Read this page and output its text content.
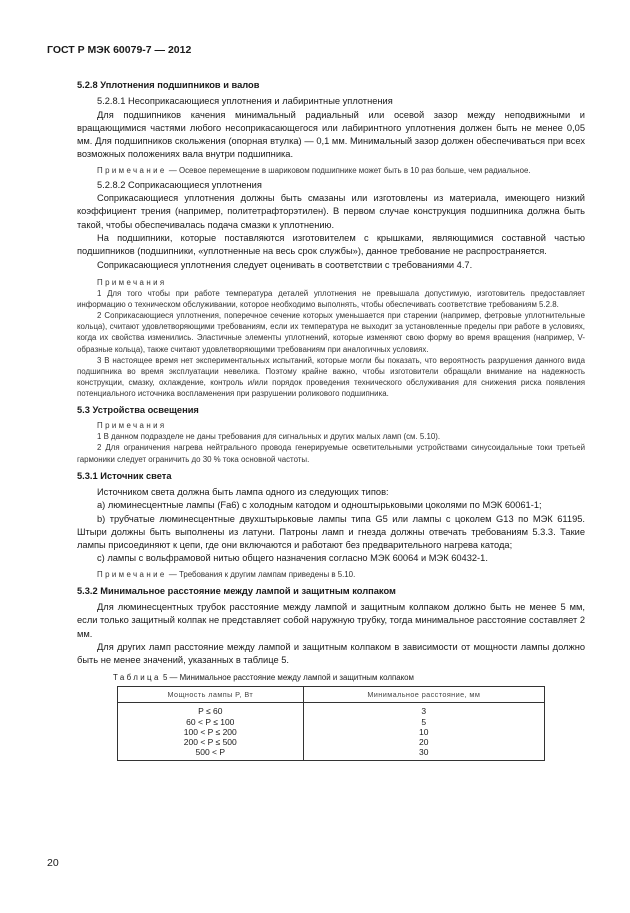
ГОСТ Р МЭК 60079-7 — 2012

5.2.8 Уплотнения подшипников и валов

5.2.8.1 Несоприкасающиеся уплотнения и лабиринтные уплотнения

Для подшипников качения минимальный радиальный или осевой зазор между неподвижными и вращающимися частями любого несоприкасающегося или лабиринтного уплотнения должен быть не менее 0,05 мм. Для подшипников скольжения (опорная втулка) — 0,1 мм. Минимальный зазор должен обеспечиваться при всех возможных положениях вала внутри подшипника.

Примечание — Осевое перемещение в шариковом подшипнике может быть в 10 раз больше, чем радиальное.

5.2.8.2 Соприкасающиеся уплотнения

Соприкасающиеся уплотнения должны быть смазаны или изготовлены из материала, имеющего низкий коэффициент трения (например, политетрафторэтилен). В первом случае конструкция подшипника должна быть такой, чтобы обеспечивалась подача смазки к уплотнению.

На подшипники, которые поставляются изготовителем с крышками, являющимися составной частью подшипников (подшипники, «уплотненные на весь срок службы»), данное требование не распространяется.

Соприкасающиеся уплотнения следует оценивать в соответствии с требованиями 4.7.

Примечания

1 Для того чтобы при работе температура деталей уплотнения не превышала допустимую, изготовитель предоставляет информацию о техническом обслуживании, которое необходимо выполнять, чтобы обеспечивать соответствие требованиям 5.2.8.

2 Соприкасающиеся уплотнения, поперечное сечение которых уменьшается при старении (например, фетровые уплотнительные кольца), считают удовлетворяющими требованиям, если их температура не выходит за установленные пределы при работе в условиях, когда их свойства изменились. Эластичные элементы уплотнений, которые изменяют свою форму во время вращения (например, V-образные кольца), также считают удовлетворяющими требованиям при аналогичных условиях.

3 В настоящее время нет экспериментальных испытаний, которые могли бы показать, что вероятность разрушения данного вида подшипника во время эксплуатации невелика. Поэтому крайне важно, чтобы изготовители обращали внимание на надежность конструкции, смазку, охлаждение, контроль и/или порядок проведения технического обслуживания для снижения риска появления потенциального источника воспламенения при разрушении роликового подшипника.

5.3 Устройства освещения

Примечания

1 В данном подразделе не даны требования для сигнальных и других малых ламп (см. 5.10).

2 Для ограничения нагрева нейтрального провода генерируемые осветительными устройствами синусоидальные токи третьей гармоники следует ограничить до 30 % тока основной частоты.

5.3.1 Источник света

Источником света должна быть лампа одного из следующих типов:

а) люминесцентные лампы (Fa6) с холодным катодом и одноштырьковыми цоколями по МЭК 60061-1;

b) трубчатые люминесцентные двухштырьковые лампы типа G5 или лампы с цоколем G13 по МЭК 61195. Штыри должны быть выполнены из латуни. Патроны ламп и гнезда должны отвечать требованиям 5.3.3. Такие лампы присоединяют к цепи, где они включаются и работают без предварительного нагрева катода;

c) лампы с вольфрамовой нитью общего назначения согласно МЭК 60064 и МЭК 60432-1.

Примечание — Требования к другим лампам приведены в 5.10.

5.3.2 Минимальное расстояние между лампой и защитным колпаком

Для люминесцентных трубок расстояние между лампой и защитным колпаком должно быть не менее 5 мм, если только защитный колпак не представляет собой наружную трубку, тогда минимальное расстояние составляет 2 мм.

Для других ламп расстояние между лампой и защитным колпаком в зависимости от мощности лампы должно быть не менее значений, указанных в таблице 5.

Таблица 5 — Минимальное расстояние между лампой и защитным колпаком
Мощность лампы P, Вт	Минимальное расстояние, мм
P ≤ 60	3
60 < P ≤ 100	5
100 < P ≤ 200	10
200 < P ≤ 500	20
500 < P	30
20
